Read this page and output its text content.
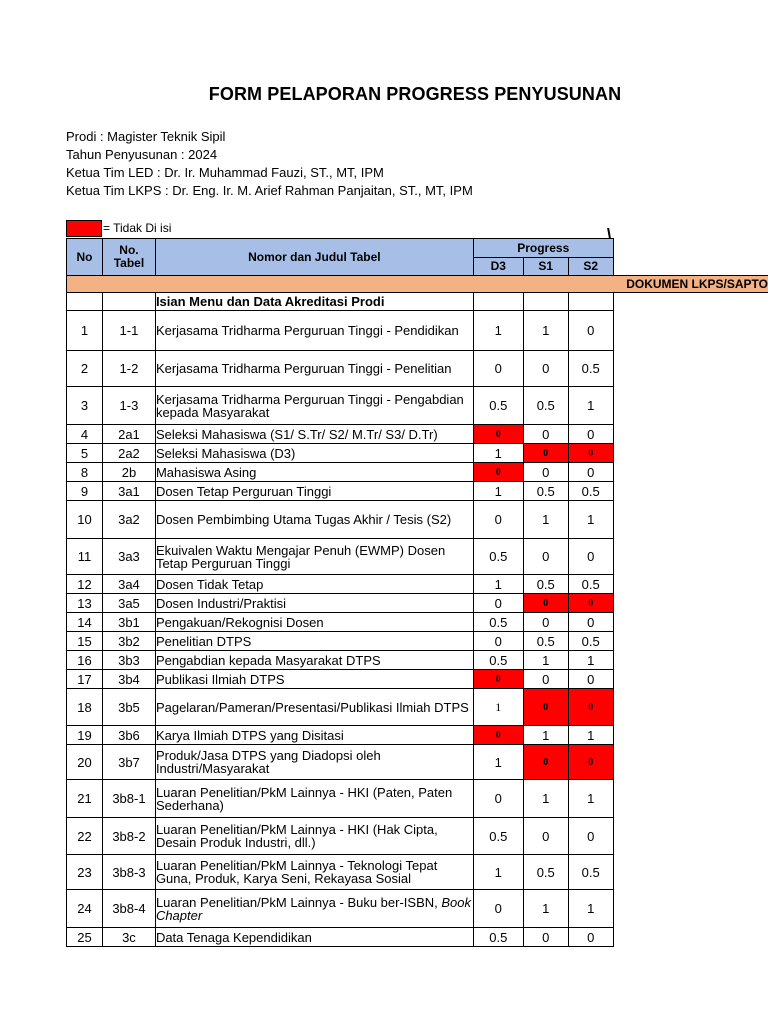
FORM PELAPORAN PROGRESS PENYUSUNAN
Prodi : Magister Teknik Sipil
Tahun Penyusunan : 2024
Ketua Tim LED : Dr. Ir. Muhammad Fauzi, ST., MT, IPM
Ketua Tim LKPS : Dr. Eng. Ir. M. Arief Rahman Panjaitan, ST., MT, IPM
= Tidak Di isi
No	No. Tabel	Nomor dan Judul Tabel	Progress			
			D3	S1	S2	
DOKUMEN LKPS/SAPTO						
		Isian Menu dan Data Akreditasi Prodi				
1	1-1	Kerjasama Tridharma Perguruan Tinggi - Pendidikan	1	1	0	
2	1-2	Kerjasama Tridharma Perguruan Tinggi - Penelitian	0	0	0.5	
3	1-3	Kerjasama Tridharma Perguruan Tinggi - Pengabdian kepada Masyarakat	0.5	0.5	1	
4	2a1	Seleksi Mahasiswa (S1/ S.Tr/ S2/ M.Tr/ S3/ D.Tr)	0	0	0	
5	2a2	Seleksi Mahasiswa (D3)	1	0	0	
8	2b	Mahasiswa Asing	0	0	0	
9	3a1	Dosen Tetap Perguruan Tinggi	1	0.5	0.5	
10	3a2	Dosen Pembimbing Utama Tugas Akhir / Tesis (S2)	0	1	1	
11	3a3	Ekuivalen Waktu Mengajar Penuh (EWMP) Dosen Tetap Perguruan Tinggi	0.5	0	0	
12	3a4	Dosen Tidak Tetap	1	0.5	0.5	
13	3a5	Dosen Industri/Praktisi	0	0	0	
14	3b1	Pengakuan/Rekognisi Dosen	0.5	0	0	
15	3b2	Penelitian DTPS	0	0.5	0.5	
16	3b3	Pengabdian kepada Masyarakat DTPS	0.5	1	1	
17	3b4	Publikasi Ilmiah DTPS	0	0	0	
18	3b5	Pagelaran/Pameran/Presentasi/Publikasi Ilmiah DTPS	1	0	0	
19	3b6	Karya Ilmiah DTPS yang Disitasi	0	1	1	
20	3b7	Produk/Jasa DTPS yang Diadopsi oleh Industri/Masyarakat	1	0	0	
21	3b8-1	Luaran Penelitian/PkM Lainnya - HKI (Paten, Paten Sederhana)	0	1	1	
22	3b8-2	Luaran Penelitian/PkM Lainnya - HKI (Hak Cipta, Desain Produk Industri, dll.)	0.5	0	0	
23	3b8-3	Luaran Penelitian/PkM Lainnya - Teknologi Tepat Guna, Produk, Karya Seni, Rekayasa Sosial	1	0.5	0.5	
24	3b8-4	Luaran Penelitian/PkM Lainnya - Buku ber-ISBN, Book Chapter	0	1	1	
25	3c	Data Tenaga Kependidikan	0.5	0	0	
